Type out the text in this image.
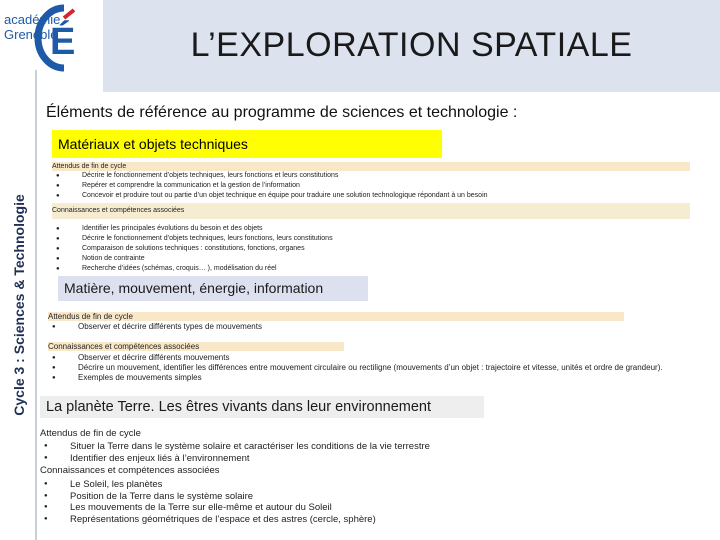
académie
Grenoble
É	L’EXPLORATION SPATIALE
Cycle 3 : Sciences & Technologie
Éléments de référence au programme de sciences et technologie :
Matériaux et objets techniques
Attendus de fin de cycle
● Décrire le fonctionnement d’objets techniques, leurs fonctions et leurs constitutions
● Repérer et comprendre la communication et la gestion de l’information
● Concevoir et produire tout ou partie d’un objet technique en équipe pour traduire une solution technologique répondant à un besoin
Connaissances et compétences associées
● Identifier les principales évolutions du besoin et des objets
● Décrire le fonctionnement d’objets techniques, leurs fonctions, leurs constitutions
● Comparaison de solutions techniques : constitutions, fonctions, organes
● Notion de contrainte
● Recherche d’idées (schémas, croquis… ), modélisation du réel
Matière, mouvement, énergie, information
Attendus de fin de cycle
● Observer et décrire différents types de mouvements
Connaissances et compétences associées
● Observer et décrire différents mouvements
● Décrire un mouvement, identifier les différences entre mouvement circulaire ou rectiligne (mouvements d’un objet : trajectoire et vitesse, unités et ordre de grandeur).
● Exemples de mouvements simples
La planète Terre. Les êtres vivants dans leur environnement
Attendus de fin de cycle
● Situer la Terre dans le système solaire et caractériser les conditions de la vie terrestre
● Identifier des enjeux liés à l’environnement
Connaissances et compétences associées
● Le Soleil, les planètes
● Position de la Terre dans le système solaire
● Les mouvements de la Terre sur elle-même et autour du Soleil
● Représentations géométriques de l’espace et des astres (cercle, sphère)
